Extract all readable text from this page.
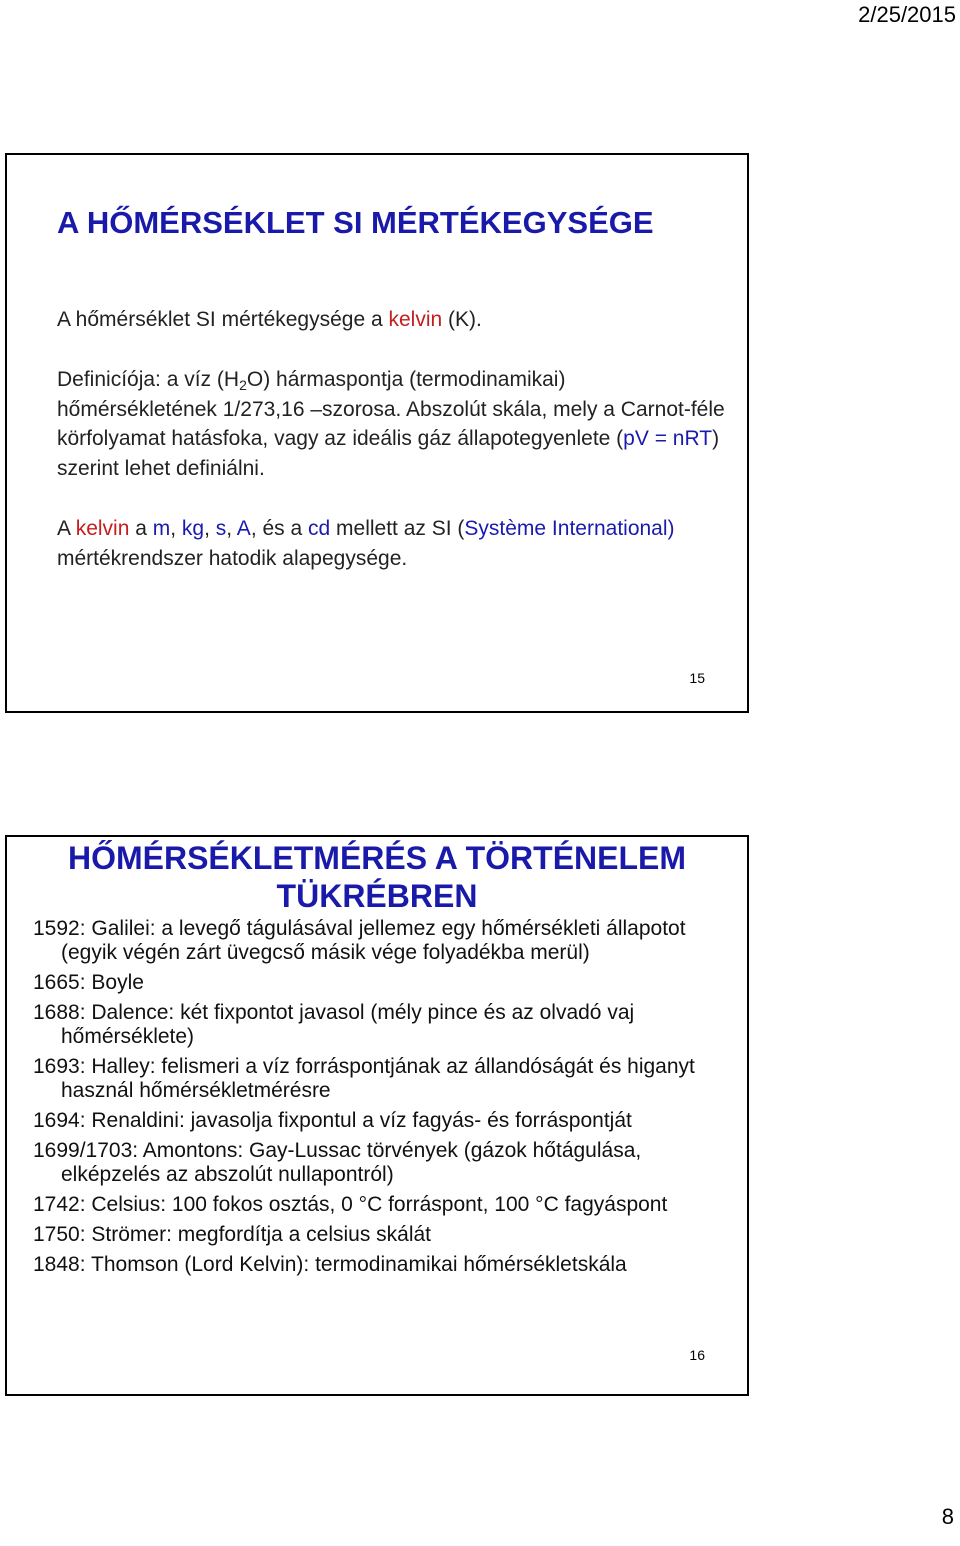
2/25/2015
A HŐMÉRSÉKLET SI MÉRTÉKEGYSÉGE

A hőmérséklet SI mértékegysége a kelvin (K).

Definicíója: a víz $(H_2O)$ hármaspontja (termodinamikai) hőmérsékletének 1/273,16 –szorosa. Abszolút skála, mely a Carnot-féle körfolyamat hatásfoka, vagy az ideális gáz állapotegyenlete (pV = nRT) szerint lehet definiálni.

A kelvin a m, kg, s, A, és a cd mellett az SI (Système International) mértékrendszer hatodik alapegysége.

15
HŐMÉRSÉKLETMÉRÉS A TÖRTÉNELEM TÜKRÉBREN
1592: Galilei: a levegő tágulásával jellemez egy hőmérsékleti állapotot (egyik végén zárt üvegcső másik vége folyadékba merül)
1665: Boyle
1688: Dalence: két fixpontot javasol (mély pince és az olvadó vaj hőmérséklete)
1693: Halley: felismeri a víz forráspontjának az állandóságát és higanyt használ hőmérsékletmérésre
1694: Renaldini: javasolja fixpontul a víz fagyás- és forráspontját
1699/1703: Amontons: Gay-Lussac törvények (gázok hőtágulása, elképzelés az abszolút nullapontról)
1742: Celsius: 100 fokos osztás, 0 °C forráspont, 100 °C fagyáspont
1750: Strömer: megfordítja a celsius skálát
1848: Thomson (Lord Kelvin): termodinamikai hőmérsékletskála
16
8
